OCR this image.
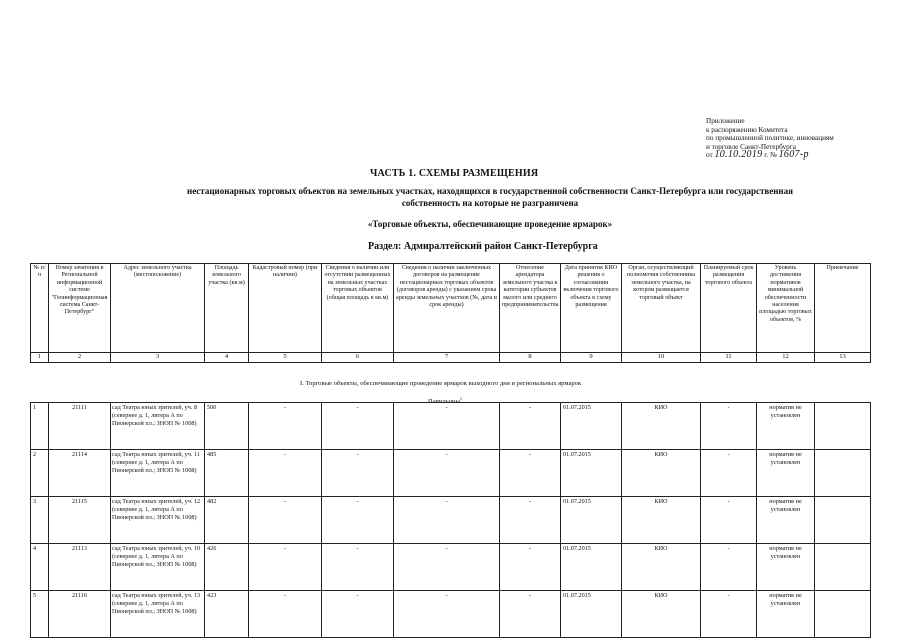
Приложение
к распоряжению Комитета
по промышленной политике, инновациям
и торговле Санкт-Петербурга
от 10.10.2019 г. № 1607-р
ЧАСТЬ 1. СХЕМЫ РАЗМЕЩЕНИЯ
нестационарных торговых объектов на земельных участках, находящихся в государственной собственности Санкт-Петербурга или государственная собственность на которые не разграничена
«Торговые объекты, обеспечивающие проведение ярмарок»
Раздел: Адмиралтейский район Санкт-Петербурга
№ п/п	Номер зачатения в Региональной информационной системе "Геоинформационная система Санкт-Петербург"	Адрес земельного участка (местоположение)	Площадь земельного участка (кв.м)	Кадастровый номер (при наличии)	Сведения о наличии или отсутствии размещенных на земельных участках торговых объектов (общая площадь в кв.м)	Сведения о наличии заключенных договоров на размещение нестационарных торговых объектов (договоров аренды) с указанием срока аренды земельных участков (№, дата и срок аренды)	Отнесение арендатора земельного участка к категории субъектов малого или среднего предпринимательства	Дата принятия КИО решения о согласовании включения торгового объекта в схему размещения	Орган, осуществляющий полномочия собственника земельного участка, на котором размещается торговый объект	Планируемый срок размещения торгового объекта	Уровень достижения нормативов минимальной обеспеченности населения площадью торговых объектов, %	Примечание
1	2	3	4	5	6	7	8	9	10	11	12	13
I. Торговые объекты, обеспечивающие проведение ярмарок выходного дня и региональных ярмарок
Павильоны$^1$
1	21111	сад Театра юных зрителей, уч. 8 (севернее д. 1, литера А по Пионерской пл.; ЗНОП № 1008)	500	-	-	-	-	01.07.2015	КИО	-	норматив не установлен	
2	21114	сад Театра юных зрителей, уч. 11 (севернее д. 1, литера А по Пионерской пл.; ЗНОП № 1008)	485	-	-	-	-	01.07.2015	КИО	-	норматив не установлен	
3	21115	сад Театра юных зрителей, уч. 12 (севернее д. 1, литера А по Пионерской пл.; ЗНОП № 1008)	482	-	-	-	-	01.07.2015	КИО	-	норматив не установлен	
4	21113	сад Театра юных зрителей, уч. 10 (севернее д. 1, литера А по Пионерской пл.; ЗНОП № 1008)	426	-	-	-	-	01.07.2015	КИО	-	норматив не установлен	
5	21116	сад Театра юных зрителей, уч. 13 (севернее д. 1, литера А по Пионерской пл.; ЗНОП № 1008)	423	-	-	-	-	01.07.2015	КИО	-	норматив не установлен	
